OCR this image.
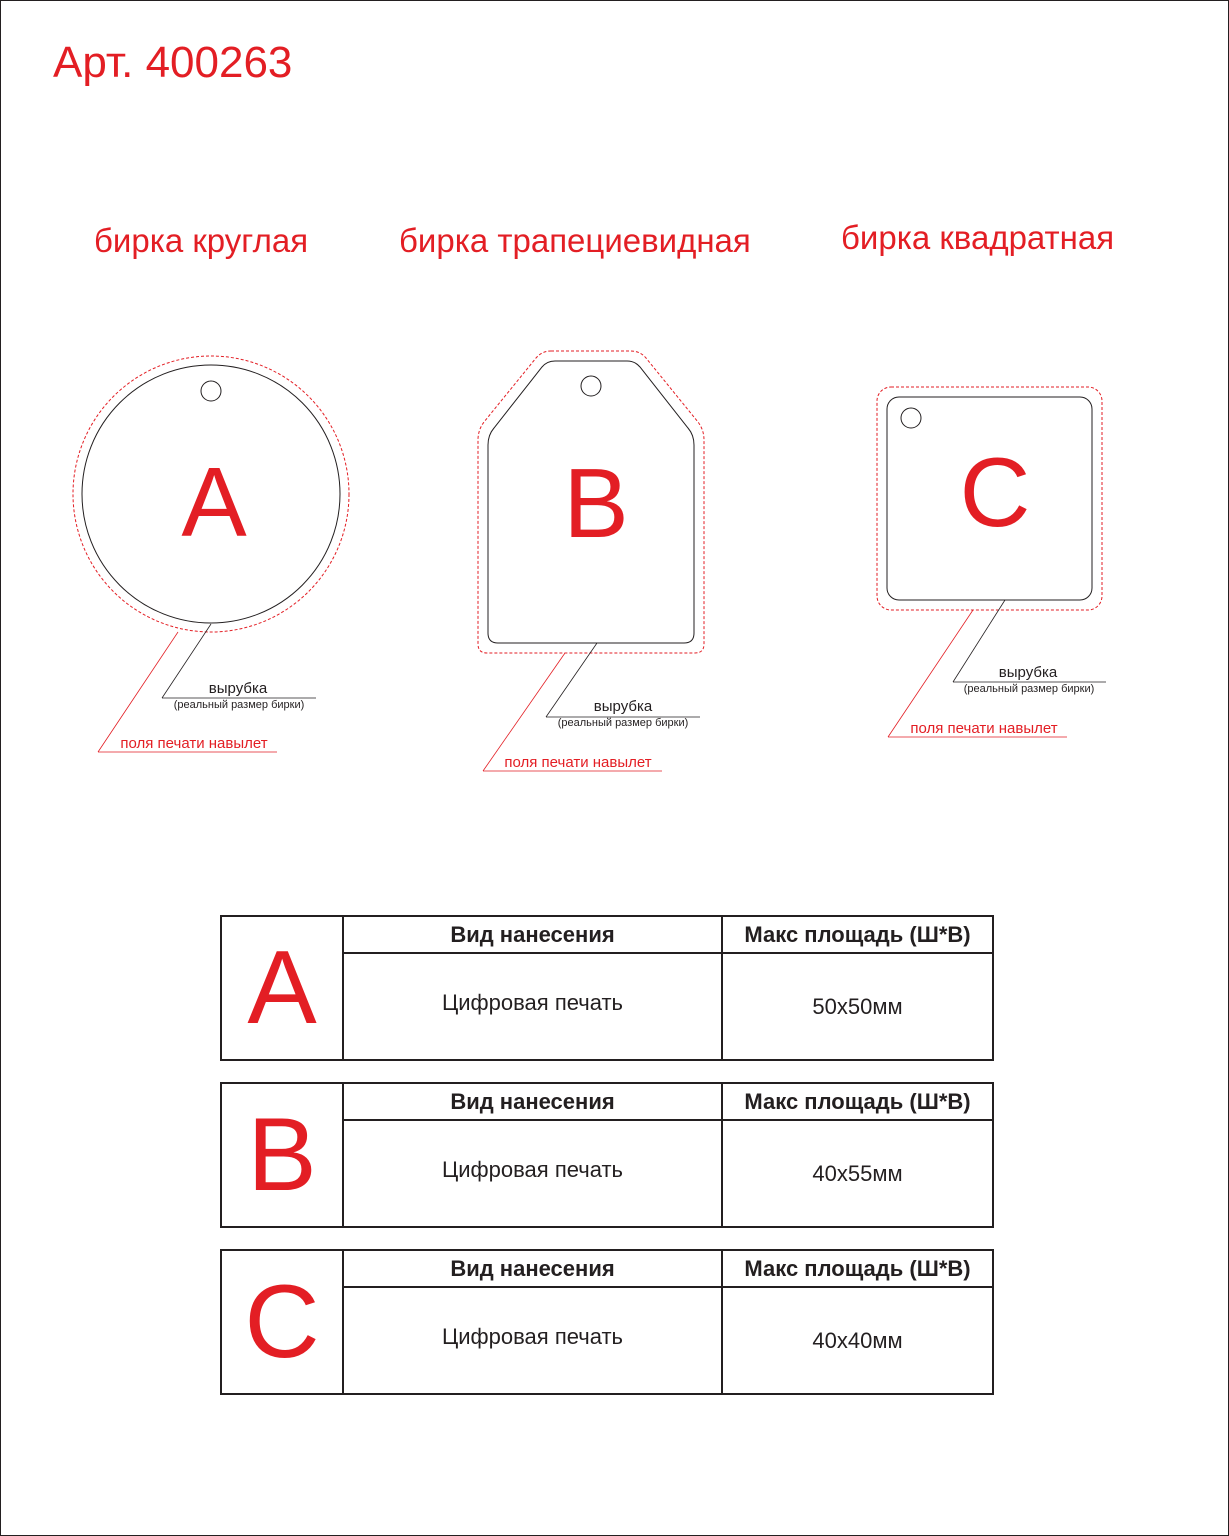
Арт. 400263
бирка круглая	бирка трапециевидная	бирка квадратная
A
вырубка
(реальный размер бирки)
поля печати навылет
B
вырубка
(реальный размер бирки)
поля печати навылет
C
вырубка
(реальный размер бирки)
поля печати навылет
A	Вид нанесения	Макс площадь (Ш*В)
Цифровая печать	50х50мм
B	Вид нанесения	Макс площадь (Ш*В)
Цифровая печать	40х55мм
C	Вид нанесения	Макс площадь (Ш*В)
Цифровая печать	40х40мм
